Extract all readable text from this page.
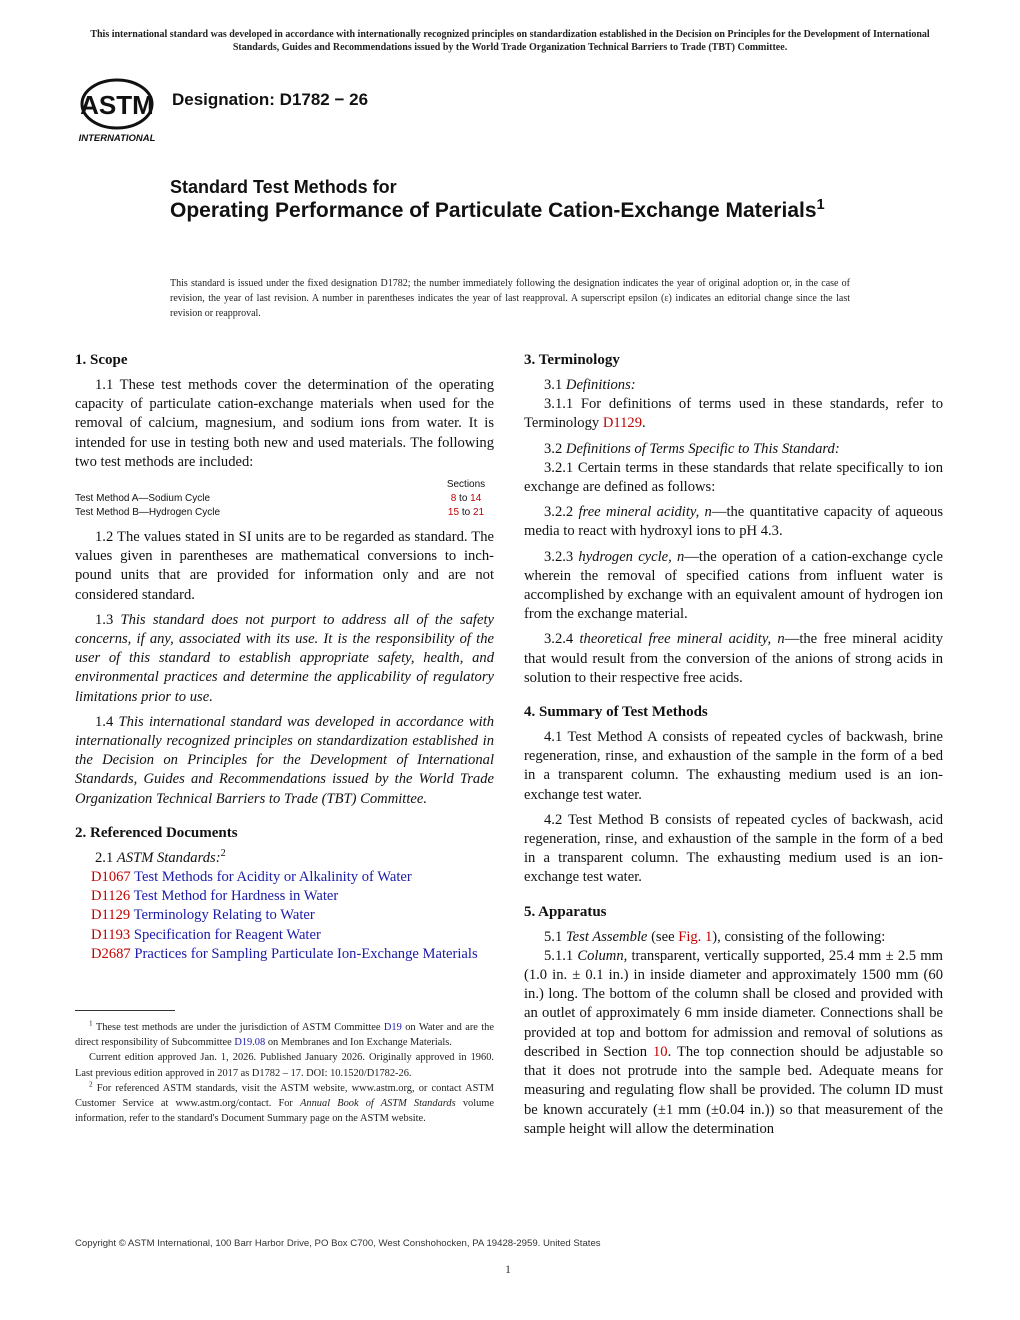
This international standard was developed in accordance with internationally recognized principles on standardization established in the Decision on Principles for the Development of International Standards, Guides and Recommendations issued by the World Trade Organization Technical Barriers to Trade (TBT) Committee.
ASTM
INTERNATIONAL
Designation: D1782 − 26
Standard Test Methods for
Operating Performance of Particulate Cation-Exchange Materials$^1$
This standard is issued under the fixed designation D1782; the number immediately following the designation indicates the year of original adoption or, in the case of revision, the year of last revision. A number in parentheses indicates the year of last reapproval. A superscript epsilon (ε) indicates an editorial change since the last revision or reapproval.
1. Scope

1.1 These test methods cover the determination of the operating capacity of particulate cation-exchange materials when used for the removal of calcium, magnesium, and sodium ions from water. It is intended for use in testing both new and used materials. The following two test methods are included:

Sections
Test Method A—Sodium Cycle	8 to 14
Test Method B—Hydrogen Cycle	15 to 21

1.2 The values stated in SI units are to be regarded as standard. The values given in parentheses are mathematical conversions to inch-pound units that are provided for information only and are not considered standard.

1.3 This standard does not purport to address all of the safety concerns, if any, associated with its use. It is the responsibility of the user of this standard to establish appropriate safety, health, and environmental practices and determine the applicability of regulatory limitations prior to use.

1.4 This international standard was developed in accordance with internationally recognized principles on standardization established in the Decision on Principles for the Development of International Standards, Guides and Recommendations issued by the World Trade Organization Technical Barriers to Trade (TBT) Committee.

2. Referenced Documents

2.1 ASTM Standards:$^2$

D1067 Test Methods for Acidity or Alkalinity of Water
D1126 Test Method for Hardness in Water
D1129 Terminology Relating to Water
D1193 Specification for Reagent Water
D2687 Practices for Sampling Particulate Ion-Exchange Materials

$^1$ These test methods are under the jurisdiction of ASTM Committee D19 on Water and are the direct responsibility of Subcommittee D19.08 on Membranes and Ion Exchange Materials.

Current edition approved Jan. 1, 2026. Published January 2026. Originally approved in 1960. Last previous edition approved in 2017 as D1782 – 17. DOI: 10.1520/D1782-26.

$^2$ For referenced ASTM standards, visit the ASTM website, www.astm.org, or contact ASTM Customer Service at www.astm.org/contact. For Annual Book of ASTM Standards volume information, refer to the standard's Document Summary page on the ASTM website.

3. Terminology

3.1 Definitions:

3.1.1 For definitions of terms used in these standards, refer to Terminology D1129.

3.2 Definitions of Terms Specific to This Standard:

3.2.1 Certain terms in these standards that relate specifically to ion exchange are defined as follows:

3.2.2 free mineral acidity, n—the quantitative capacity of aqueous media to react with hydroxyl ions to pH 4.3.

3.2.3 hydrogen cycle, n—the operation of a cation-exchange cycle wherein the removal of specified cations from influent water is accomplished by exchange with an equivalent amount of hydrogen ion from the exchange material.

3.2.4 theoretical free mineral acidity, n—the free mineral acidity that would result from the conversion of the anions of strong acids in solution to their respective free acids.

4. Summary of Test Methods

4.1 Test Method A consists of repeated cycles of backwash, brine regeneration, rinse, and exhaustion of the sample in the form of a bed in a transparent column. The exhausting medium used is an ion-exchange test water.

4.2 Test Method B consists of repeated cycles of backwash, acid regeneration, rinse, and exhaustion of the sample in the form of a bed in a transparent column. The exhausting medium used is an ion-exchange test water.

5. Apparatus

5.1 Test Assemble (see Fig. 1), consisting of the following:

5.1.1 Column, transparent, vertically supported, 25.4 mm ± 2.5 mm (1.0 in. ± 0.1 in.) in inside diameter and approximately 1500 mm (60 in.) long. The bottom of the column shall be closed and provided with an outlet of approximately 6 mm inside diameter. Connections shall be provided at top and bottom for admission and removal of solutions as described in Section 10. The top connection should be adjustable so that it does not protrude into the sample bed. Adequate means for measuring and regulating flow shall be provided. The column ID must be known accurately (±1 mm (±0.04 in.)) so that measurement of the sample height will allow the determination

Copyright © ASTM International, 100 Barr Harbor Drive, PO Box C700, West Conshohocken, PA 19428-2959. United States
1
